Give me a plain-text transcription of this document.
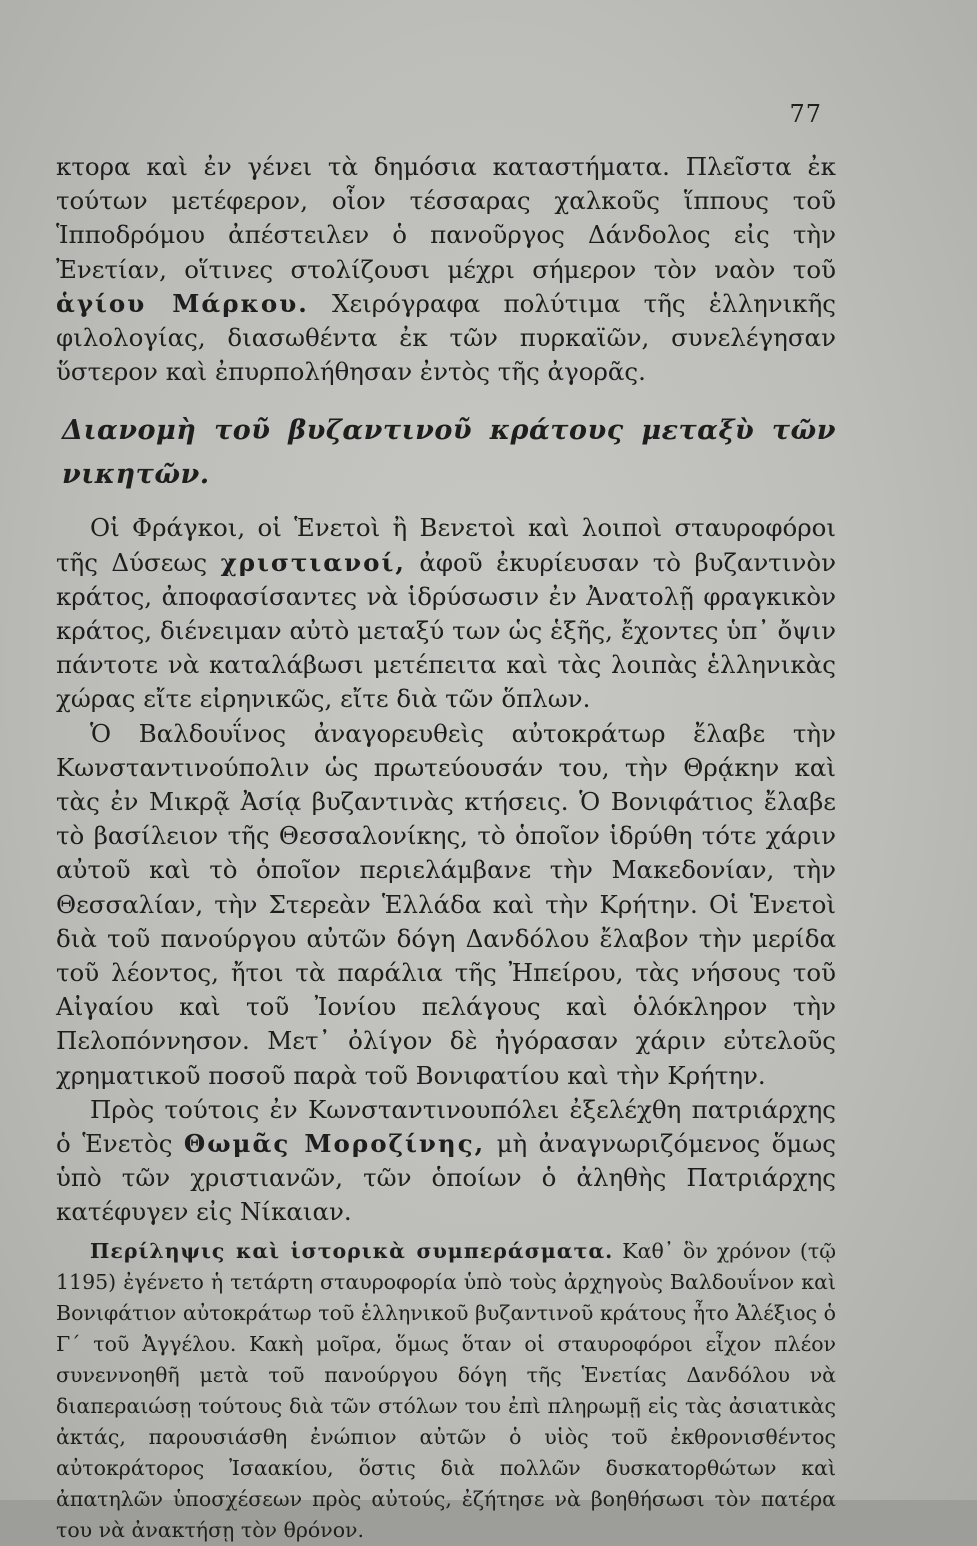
77

κτορα καὶ ἐν γένει τὰ δημόσια καταστήματα. Πλεῖστα ἐκ τούτων μετέφερον, οἷον τέσσαρας χαλκοῦς ἵππους τοῦ Ἱπποδρόμου ἀπέστειλεν ὁ πανοῦργος Δάνδολος εἰς τὴν Ἐνετίαν, οἵτινες στολίζουσι μέχρι σήμερον τὸν ναὸν τοῦ ἁγίου Μάρκου. Χειρόγραφα πολύτιμα τῆς ἑλληνικῆς φιλολογίας, διασωθέντα ἐκ τῶν πυρκαϊῶν, συνελέγησαν ὕστερον καὶ ἐπυρπολήθησαν ἐντὸς τῆς ἀγορᾶς.

Διανομὴ τοῦ βυζαντινοῦ κράτους μεταξὺ τῶν νικητῶν.

Οἱ Φράγκοι, οἱ Ἑνετοὶ ἢ Βενετοὶ καὶ λοιποὶ σταυροφόροι τῆς Δύσεως χριστιανοί, ἀφοῦ ἐκυρίευσαν τὸ βυζαντινὸν κράτος, ἀποφασίσαντες νὰ ἱδρύσωσιν ἐν Ἀνατολῇ φραγκικὸν κράτος, διένειμαν αὐτὸ μεταξύ των ὡς ἑξῆς, ἔχοντες ὑπ᾿ ὄψιν πάντοτε νὰ καταλάβωσι μετέπειτα καὶ τὰς λοιπὰς ἑλληνικὰς χώρας εἴτε εἰρηνικῶς, εἴτε διὰ τῶν ὅπλων.

Ὁ Βαλδουΐνος ἀναγορευθεὶς αὐτοκράτωρ ἔλαβε τὴν Κωνσταντινούπολιν ὡς πρωτεύουσάν του, τὴν Θρᾴκην καὶ τὰς ἐν Μικρᾷ Ἀσίᾳ βυζαντινὰς κτήσεις. Ὁ Βονιφάτιος ἔλαβε τὸ βασίλειον τῆς Θεσσαλονίκης, τὸ ὁποῖον ἱδρύθη τότε χάριν αὐτοῦ καὶ τὸ ὁποῖον περιελάμβανε τὴν Μακεδονίαν, τὴν Θεσσαλίαν, τὴν Στερεὰν Ἑλλάδα καὶ τὴν Κρήτην. Οἱ Ἑνετοὶ διὰ τοῦ πανούργου αὐτῶν δόγη Δανδόλου ἔλαβον τὴν μερίδα τοῦ λέοντος, ἤτοι τὰ παράλια τῆς Ἠπείρου, τὰς νήσους τοῦ Αἰγαίου καὶ τοῦ Ἰονίου πελάγους καὶ ὁλόκληρον τὴν Πελοπόννησον. Μετ᾿ ὀλίγον δὲ ἠγόρασαν χάριν εὐτελοῦς χρηματικοῦ ποσοῦ παρὰ τοῦ Βονιφατίου καὶ τὴν Κρήτην.

Πρὸς τούτοις ἐν Κωνσταντινουπόλει ἐξελέχθη πατριάρχης ὁ Ἑνετὸς Θωμᾶς Μοροζίνης, μὴ ἀναγνωριζόμενος ὅμως ὑπὸ τῶν χριστιανῶν, τῶν ὁποίων ὁ ἀληθὴς Πατριάρχης κατέφυγεν εἰς Νίκαιαν.

Περίληψις καὶ ἱστορικὰ συμπεράσματα. Καθ᾿ ὃν χρόνον (τῷ 1195) ἐγένετο ἡ τετάρτη σταυροφορία ὑπὸ τοὺς ἀρχηγοὺς Βαλδουΐνον καὶ Βονιφάτιον αὐτοκράτωρ τοῦ ἑλληνικοῦ βυζαντινοῦ κράτους ἦτο Ἀλέξιος ὁ Γ΄ τοῦ Ἀγγέλου. Κακὴ μοῖρα, ὅμως ὅταν οἱ σταυροφόροι εἶχον πλέον συνεννοηθῆ μετὰ τοῦ πανούργου δόγη τῆς Ἑνετίας Δανδόλου νὰ διαπεραιώσῃ τούτους διὰ τῶν στόλων του ἐπὶ πληρωμῇ εἰς τὰς ἀσιατικὰς ἀκτάς, παρουσιάσθη ἐνώπιον αὐτῶν ὁ υἱὸς τοῦ ἐκθρονισθέντος αὐτοκράτορος Ἰσαακίου, ὅστις διὰ πολλῶν δυσκατορθώτων καὶ ἀπατηλῶν ὑποσχέσεων πρὸς αὐτούς, ἐζήτησε νὰ βοηθήσωσι τὸν πατέρα του νὰ ἀνακτήσῃ τὸν θρόνον.
